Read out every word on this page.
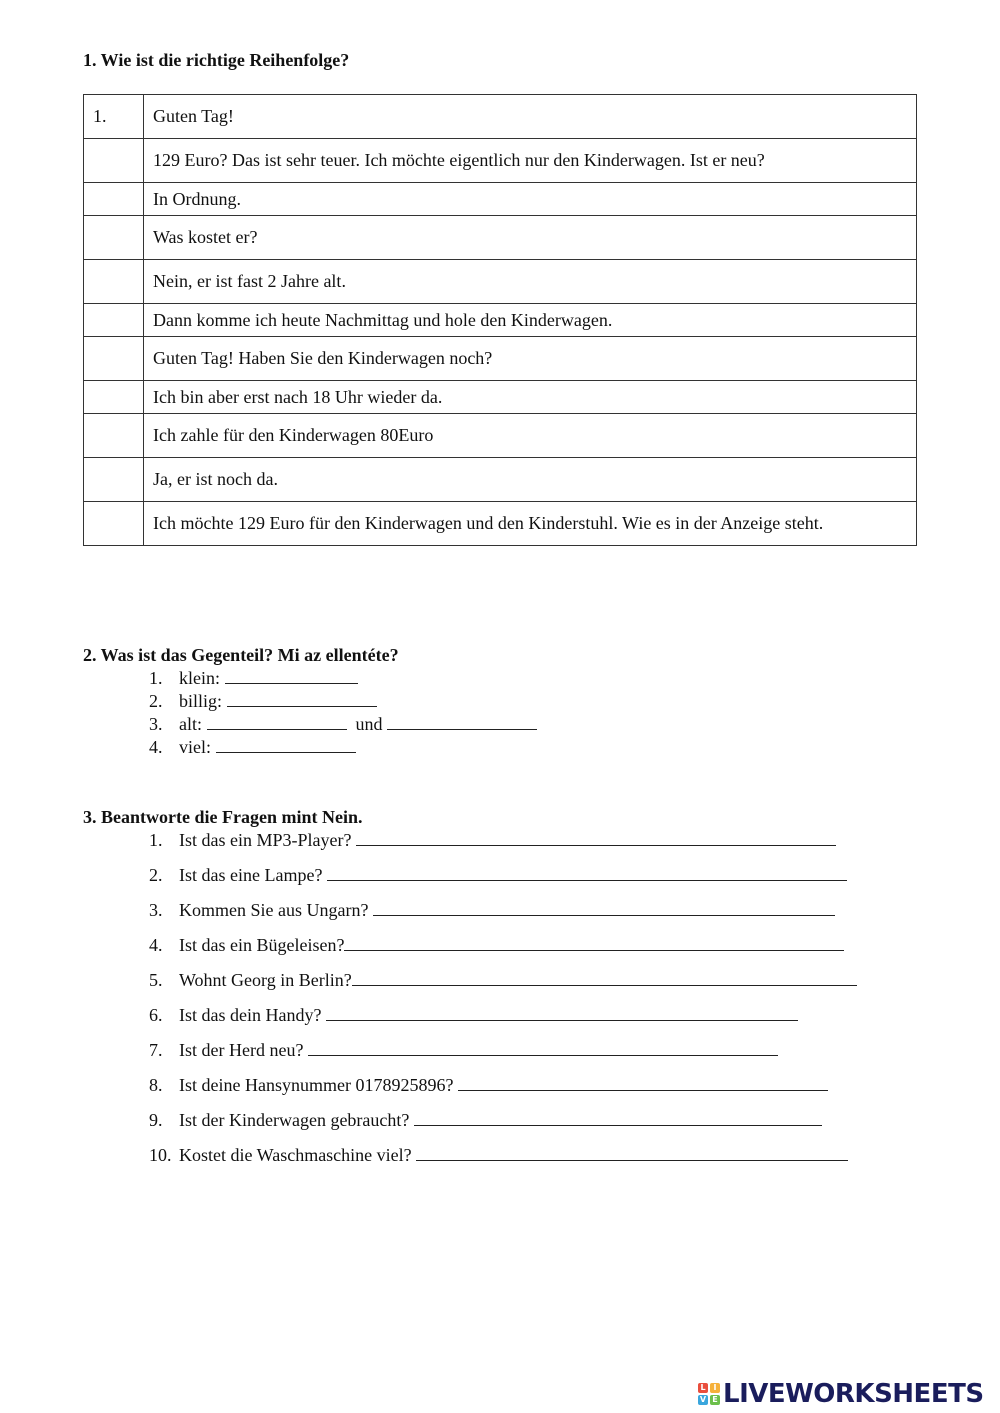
1. Wie ist die richtige Reihenfolge?
1.	Guten Tag!
	129 Euro? Das ist sehr teuer. Ich möchte eigentlich nur den Kinderwagen. Ist er neu?
	In Ordnung.
	Was kostet er?
	Nein, er ist fast 2 Jahre alt.
	Dann komme ich heute Nachmittag und hole den Kinderwagen.
	Guten Tag! Haben Sie den Kinderwagen noch?
	Ich bin aber erst nach 18 Uhr wieder da.
	Ich zahle für den Kinderwagen 80Euro
	Ja, er ist noch da.
	Ich möchte 129 Euro für den Kinderwagen und den Kinderstuhl. Wie es in der Anzeige steht.
2. Was ist das Gegenteil? Mi az ellentéte?
1. klein:
2. billig:
3. alt:	und
4. viel:
3. Beantworte die Fragen mint Nein.
1. Ist das ein MP3-Player?
2. Ist das eine Lampe?
3. Kommen Sie aus Ungarn?
4. Ist das ein Bügeleisen?
5. Wohnt Georg in Berlin?
6. Ist das dein Handy?
7. Ist der Herd neu?
8. Ist deine Hansynummer 0178925896?
9. Ist der Kinderwagen gebraucht?
10. Kostet die Waschmaschine viel?
L I
V E LIVEWORKSHEETS
